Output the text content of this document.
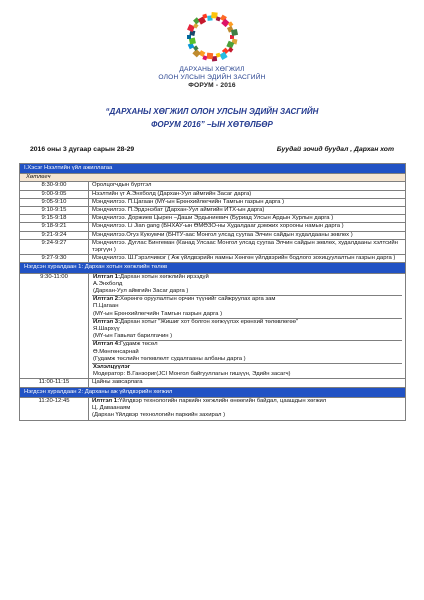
ДАРХАНЫ ХӨГЖИЛ
ОЛОН УЛСЫН ЭДИЙН ЗАСГИЙН
ФОРУМ - 2016
“ДАРХАНЫ ХӨГЖИЛ ОЛОН УЛСЫН ЭДИЙН ЗАСГИЙН
ФОРУМ 2016” –ЫН ХӨТӨЛБӨР
2016 оны 3 дугаар сарын 28-29	Буудай зочид буудал , Дархан хот
I.Хэсэг Нээлтийн үйл ажиллагаа
Хөтлөгч
8:30-9:00	Оролцогчдын бүртгэл
9:00-9:05	Нээлтийн үг А.Энхболд (Дархан-Уул аймгийн Засаг дарга)
9:05-9:10	Мэндчилгээ. П.Цагаан (МҮ-ын Ерөнхийлөгчийн Тамгын газрын дарга )
9:10-9:15	Мэндчилгээ. П.Эрдэнэбат (Дархан-Уул аймгийн ИТХ-ын дарга)
9:15-9:18	Мэндчилгээ. Доржиев Цырен –Даши Эрдыниевич (Буриад Улсын Ардын Хурлын дарга )
9:18-9:21	Мэндчилгээ. Li Jian gang (БНХАУ-ын ӨМӨЗО-ны Худалдааг дэмжих хорооны намын дарга )
9:21-9:24	Мэндчилгээ.Огуз Куюумчи (БНТУ-аас Монгол улсад суугаа Элчин сайдын худалдааны зөвлөх )
9:24-9:27	Мэндчилгээ. Дуглас Бингеман (Канад Улсаас Монгол улсад суугаа Элчин сайдын зөвлөх, худалдааны хэлтсийн тэргүүн )
9:27-9:30	Мэндчилгээ. Ш.Гэрэлчимэг ( Аж үйлдвэрийн яамны Хөнгөн үйлдвэрийн бодлого зохицуулалтын газрын дарга )
Нэгдсэн хуралдаан 1: Дархан хотын хөгжлийн төлөв
9:30-11:00		Илтгэл 1:Дархан хотын хөгжлийн ирээдүй
А.Энхболд
(Дархан-Уул аймгийн Засаг дарга )

Илтгэл 2:Хөрөнгө оруулалтын орчин түүнийг сайжруулах арга зам
П.Цагаан
(МҮ-ын Ерөнхийлөгчийн Тамгын газрын дарга )

Илтгэл 3:Дархан хотыг "Жишиг хот болгон хөгжүүлэх ерөнхий төлөвлөгөө"
Я.Шархүү
(МҮ-ын Гавьяат барилгачин )

Илтгэл 4:Гудамж төсөл
Ө.Мөнгөнсарнай
(Гудамж төслийн төлөвлөлт судалгааны албаны дарга )

Хэлэлцүүлэг
Модератор: В.Ганзориг(JCI Монгол байгууллагын гишүүн, Эдийн засагч)

11:00-11:15	Цайны завсарлага
Нэгдсэн хуралдаан 2: Дарханы аж үйлдвэрийн хөгжил
11:20-12:45	Илтгэл 1:Үйлдвэр технологийн паркийн хөгжлийн өнөөгийн байдал, цаашдын хөгжил
Ц. Даваанаям
(Дархан Үйлдвэр технологийн паркийн захирал )
